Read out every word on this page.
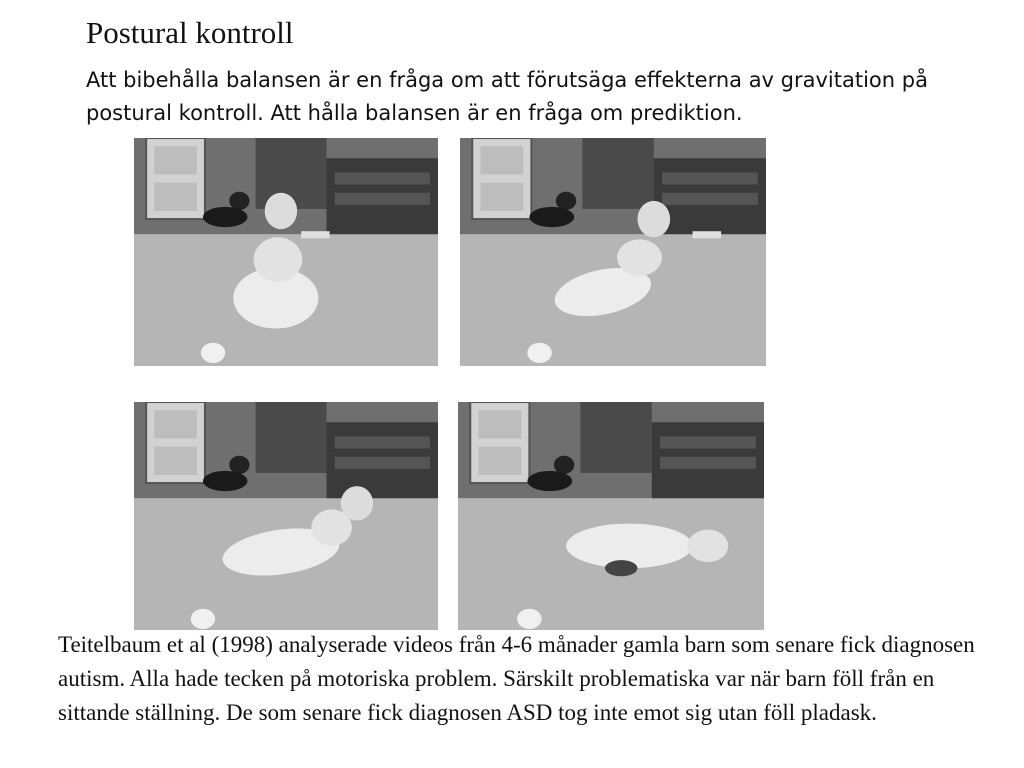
Postural kontroll
Att bibehålla balansen är en fråga om att förutsäga effekterna av gravitation på postural kontroll. Att hålla balansen är en fråga om prediktion.
Teitelbaum et al (1998) analyserade videos från 4-6 månader gamla barn som senare fick diagnosen autism. Alla hade tecken på motoriska problem. Särskilt problematiska var när barn föll från en sittande ställning. De som senare fick diagnosen ASD tog inte emot sig utan föll pladask.
